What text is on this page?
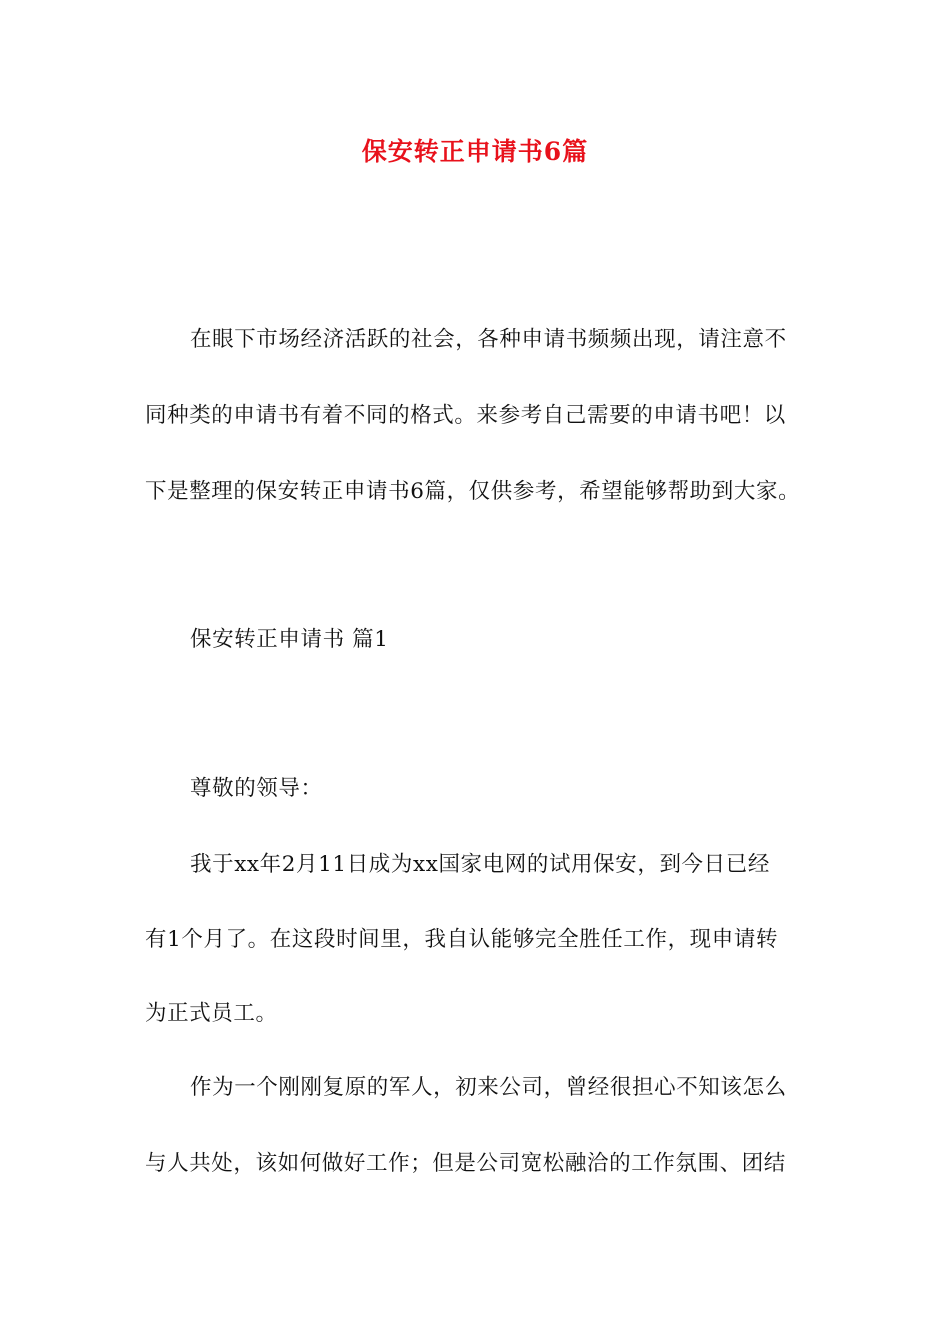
保安转正申请书6篇
在眼下市场经济活跃的社会，各种申请书频频出现，请注意不
同种类的申请书有着不同的格式。来参考自己需要的申请书吧！以
下是整理的保安转正申请书6篇，仅供参考，希望能够帮助到大家。
保安转正申请书 篇1
尊敬的领导：
我于xx年2月11日成为xx国家电网的试用保安，到今日已经
有1个月了。在这段时间里，我自认能够完全胜任工作，现申请转
为正式员工。
作为一个刚刚复原的军人，初来公司，曾经很担心不知该怎么
与人共处，该如何做好工作；但是公司宽松融洽的工作氛围、团结
